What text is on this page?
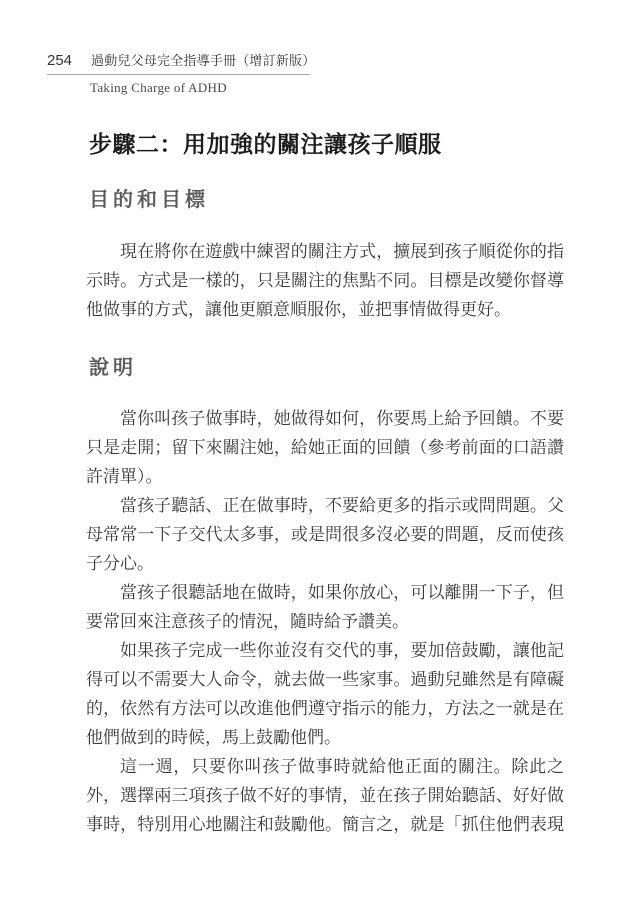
254 過動兒父母完全指導手冊（增訂新版）
Taking Charge of ADHD
步驟二：用加強的關注讓孩子順服
目的和目標
現在將你在遊戲中練習的關注方式，擴展到孩子順從你的指
示時。方式是一樣的，只是關注的焦點不同。目標是改變你督導
他做事的方式，讓他更願意順服你，並把事情做得更好。
說明
當你叫孩子做事時，她做得如何，你要馬上給予回饋。不要
只是走開；留下來關注她，給她正面的回饋（參考前面的口語讚
許清單）。
當孩子聽話、正在做事時，不要給更多的指示或問問題。父
母常常一下子交代太多事，或是問很多沒必要的問題，反而使孩
子分心。
當孩子很聽話地在做時，如果你放心，可以離開一下子，但
要常回來注意孩子的情況，隨時給予讚美。
如果孩子完成一些你並沒有交代的事，要加倍鼓勵，讓他記
得可以不需要大人命令，就去做一些家事。過動兒雖然是有障礙
的，依然有方法可以改進他們遵守指示的能力，方法之一就是在
他們做到的時候，馬上鼓勵他們。
這一週，只要你叫孩子做事時就給他正面的關注。除此之
外，選擇兩三項孩子做不好的事情，並在孩子開始聽話、好好做
事時，特別用心地關注和鼓勵他。簡言之，就是「抓住他們表現
